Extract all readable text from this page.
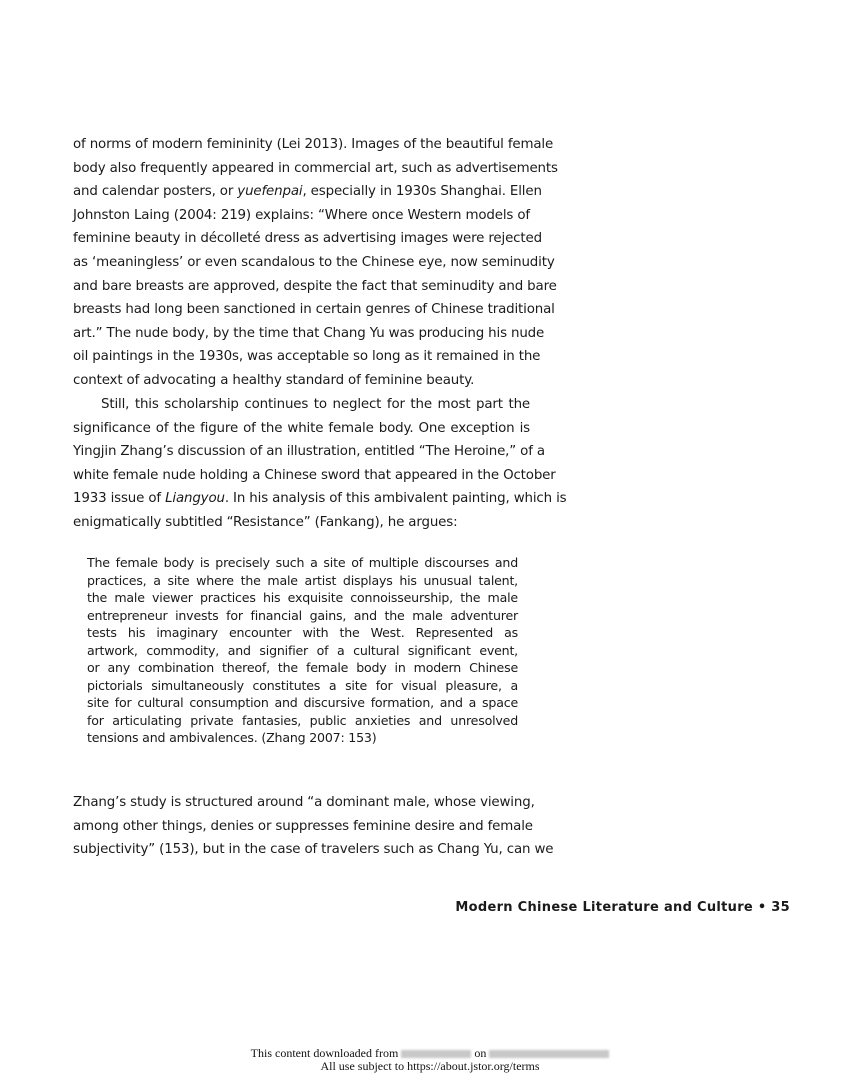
of norms of modern femininity (Lei 2013). Images of the beautiful female
body also frequently appeared in commercial art, such as advertisements
and calendar posters, or yuefenpai, especially in 1930s Shanghai. Ellen
Johnston Laing (2004: 219) explains: “Where once Western models of
feminine beauty in décolleté dress as advertising images were rejected
as ‘meaningless’ or even scandalous to the Chinese eye, now seminudity
and bare breasts are approved, despite the fact that seminudity and bare
breasts had long been sanctioned in certain genres of Chinese traditional
art.” The nude body, by the time that Chang Yu was producing his nude
oil paintings in the 1930s, was acceptable so long as it remained in the
context of advocating a healthy standard of feminine beauty.
Still, this scholarship continues to neglect for the most part the
significance of the figure of the white female body. One exception is
Yingjin Zhang’s discussion of an illustration, entitled “The Heroine,” of a
white female nude holding a Chinese sword that appeared in the October
1933 issue of Liangyou. In his analysis of this ambivalent painting, which is
enigmatically subtitled “Resistance” (Fankang), he argues:
The female body is precisely such a site of multiple discourses and
practices, a site where the male artist displays his unusual talent,
the male viewer practices his exquisite connoisseurship, the male
entrepreneur invests for financial gains, and the male adventurer
tests his imaginary encounter with the West. Represented as
artwork, commodity, and signifier of a cultural significant event,
or any combination thereof, the female body in modern Chinese
pictorials simultaneously constitutes a site for visual pleasure, a
site for cultural consumption and discursive formation, and a space
for articulating private fantasies, public anxieties and unresolved
tensions and ambivalences. (Zhang 2007: 153)
Zhang’s study is structured around “a dominant male, whose viewing,
among other things, denies or suppresses feminine desire and female
subjectivity” (153), but in the case of travelers such as Chang Yu, can we
Modern Chinese Literature and Culture • 35
This content downloaded from	on
All use subject to https://about.jstor.org/terms
